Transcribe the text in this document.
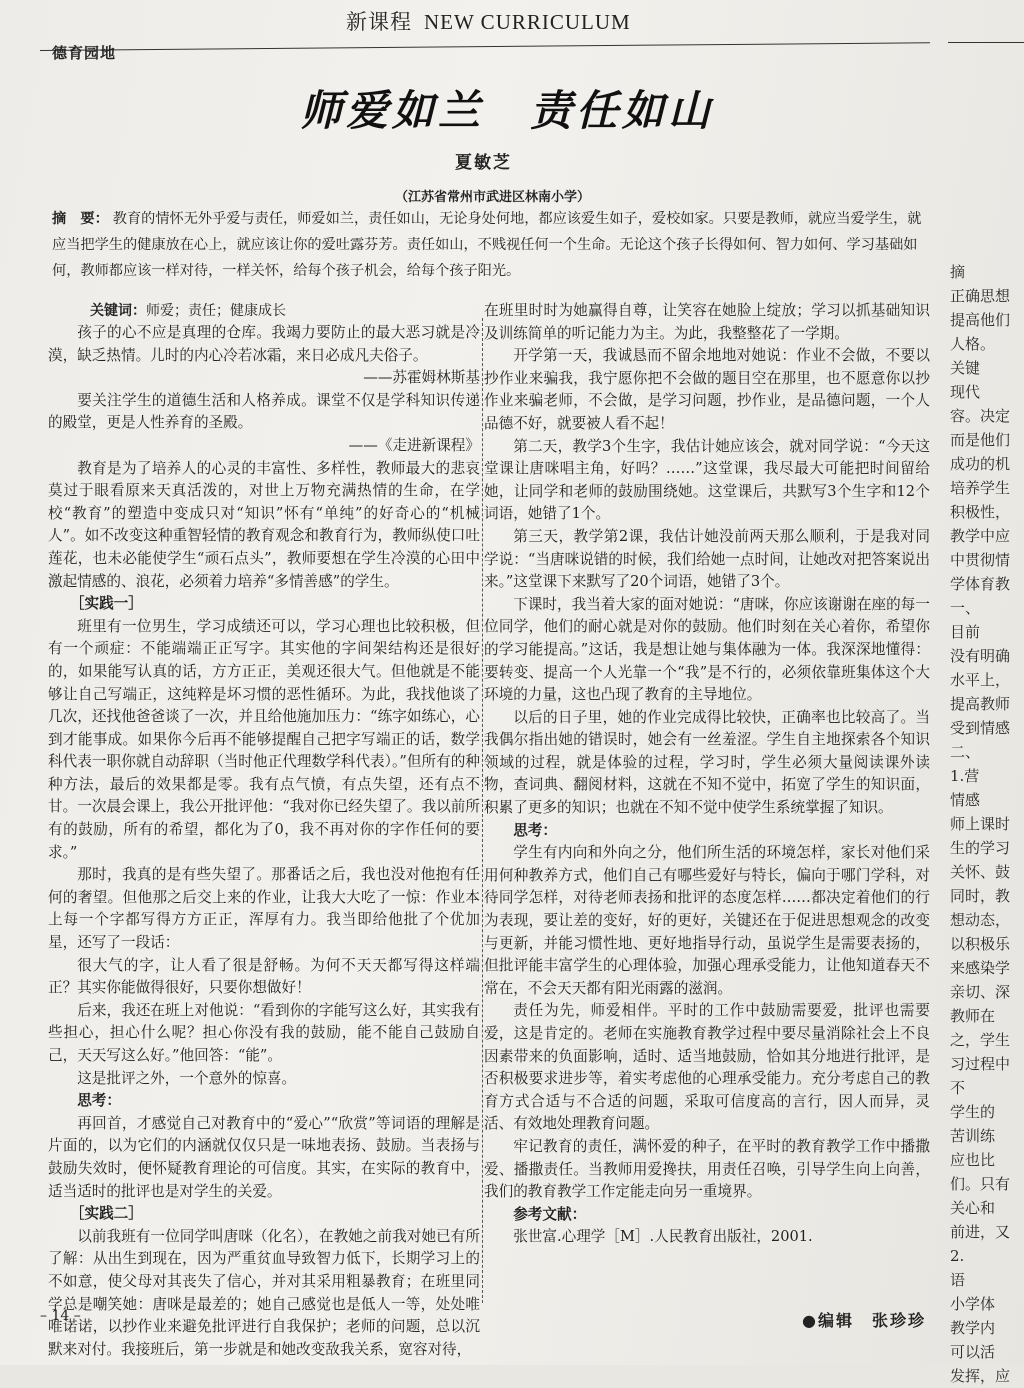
德育园地
新课程 NEW CURRICULUM
师爱如兰　责任如山
夏敏芝
（江苏省常州市武进区林南小学）
摘　要： 教育的情怀无外乎爱与责任，师爱如兰，责任如山，无论身处何地，都应该爱生如子，爱校如家。只要是教师，就应当爱学生，就应当把学生的健康放在心上，就应该让你的爱吐露芬芳。责任如山，不贱视任何一个生命。无论这个孩子长得如何、智力如何、学习基础如何，教师都应该一样对待，一样关怀，给每个孩子机会，给每个孩子阳光。
关键词：师爱；责任；健康成长

孩子的心不应是真理的仓库。我竭力要防止的最大恶习就是冷漠，缺乏热情。儿时的内心冷若冰霜，来日必成凡夫俗子。

——苏霍姆林斯基

要关注学生的道德生活和人格养成。课堂不仅是学科知识传递的殿堂，更是人性养育的圣殿。

——《走进新课程》

教育是为了培养人的心灵的丰富性、多样性，教师最大的悲哀莫过于眼看原来天真活泼的，对世上万物充满热情的生命，在学校“教育”的塑造中变成只对“知识”怀有“单纯”的好奇心的“机械人”。如不改变这种重智轻情的教育观念和教育行为，教师纵使口吐莲花，也未必能使学生“顽石点头”，教师要想在学生冷漠的心田中激起情感的、浪花，必须着力培养“多情善感”的学生。

［实践一］

班里有一位男生，学习成绩还可以，学习心理也比较积极，但有一个顽症：不能端端正正写字。其实他的字间架结构还是很好的，如果能写认真的话，方方正正，美观还很大气。但他就是不能够让自己写端正，这纯粹是坏习惯的恶性循环。为此，我找他谈了几次，还找他爸爸谈了一次，并且给他施加压力：“练字如练心，心到才能事成。如果你今后再不能够提醒自己把字写端正的话，数学科代表一职你就自动辞职（当时他正代理数学科代表）。”但所有的种种方法，最后的效果都是零。我有点气愤，有点失望，还有点不甘。一次晨会课上，我公开批评他：“我对你已经失望了。我以前所有的鼓励，所有的希望，都化为了0，我不再对你的字作任何的要求。”

那时，我真的是有些失望了。那番话之后，我也没对他抱有任何的奢望。但他那之后交上来的作业，让我大大吃了一惊：作业本上每一个字都写得方方正正，浑厚有力。我当即给他批了个优加星，还写了一段话：

很大气的字，让人看了很是舒畅。为何不天天都写得这样端正？其实你能做得很好，只要你想做好！

后来，我还在班上对他说：“看到你的字能写这么好，其实我有些担心，担心什么呢？担心你没有我的鼓励，能不能自己鼓励自己，天天写这么好。”他回答：“能”。

这是批评之外，一个意外的惊喜。

思考：

再回首，才感觉自己对教育中的“爱心”“欣赏”等词语的理解是片面的，以为它们的内涵就仅仅只是一味地表扬、鼓励。当表扬与鼓励失效时，便怀疑教育理论的可信度。其实，在实际的教育中，适当适时的批评也是对学生的关爱。

［实践二］

以前我班有一位同学叫唐咪（化名），在教她之前我对她已有所了解：从出生到现在，因为严重贫血导致智力低下，长期学习上的不如意，使父母对其丧失了信心，并对其采用粗暴教育；在班里同学总是嘲笑她：唐咪是最差的；她自己感觉也是低人一等，处处唯唯诺诺，以抄作业来避免批评进行自我保护；老师的问题，总以沉默来对付。我接班后，第一步就是和她改变敌我关系，宽容对待，

在班里时时为她赢得自尊，让笑容在她脸上绽放；学习以抓基础知识及训练简单的听记能力为主。为此，我整整花了一学期。

开学第一天，我诚恳而不留余地地对她说：作业不会做，不要以抄作业来骗我，我宁愿你把不会做的题目空在那里，也不愿意你以抄作业来骗老师，不会做，是学习问题，抄作业，是品德问题，一个人品德不好，就要被人看不起！

第二天，教学3个生字，我估计她应该会，就对同学说：“今天这堂课让唐咪唱主角，好吗？……”这堂课，我尽最大可能把时间留给她，让同学和老师的鼓励围绕她。这堂课后，共默写3个生字和12个词语，她错了1个。

第三天，教学第2课，我估计她没前两天那么顺利，于是我对同学说：“当唐咪说错的时候，我们给她一点时间，让她改对把答案说出来。”这堂课下来默写了20个词语，她错了3个。

下课时，我当着大家的面对她说：“唐咪，你应该谢谢在座的每一位同学，他们的耐心就是对你的鼓励。他们时刻在关心着你，希望你的学习能提高。”这话，我是想让她与集体融为一体。我深深地懂得：要转变、提高一个人光靠一个“我”是不行的，必须依靠班集体这个大环境的力量，这也凸现了教育的主导地位。

以后的日子里，她的作业完成得比较快，正确率也比较高了。当我偶尔指出她的错误时，她会有一丝羞涩。学生自主地探索各个知识领域的过程，就是体验的过程，学习时，学生必须大量阅读课外读物，查词典、翻阅材料，这就在不知不觉中，拓宽了学生的知识面，积累了更多的知识；也就在不知不觉中使学生系统掌握了知识。

思考：

学生有内向和外向之分，他们所生活的环境怎样，家长对他们采用何种教养方式，他们自己有哪些爱好与特长，偏向于哪门学科，对待同学怎样，对待老师表扬和批评的态度怎样……都决定着他们的行为表现，要让差的变好，好的更好，关键还在于促进思想观念的改变与更新，并能习惯性地、更好地指导行动，虽说学生是需要表扬的，但批评能丰富学生的心理体验，加强心理承受能力，让他知道春天不常在，不会天天都有阳光雨露的滋润。

责任为先，师爱相伴。平时的工作中鼓励需要爱，批评也需要爱，这是肯定的。老师在实施教育教学过程中要尽量消除社会上不良因素带来的负面影响，适时、适当地鼓励，恰如其分地进行批评，是否积极要求进步等，着实考虑他的心理承受能力。充分考虑自己的教育方式合适与不合适的问题，采取可信度高的言行，因人而异，灵活、有效地处理教育问题。

牢记教育的责任，满怀爱的种子，在平时的教育教学工作中播撒爱、播撒责任。当教师用爱搀扶，用责任召唤，引导学生向上向善，我们的教育教学工作定能走向另一重境界。

参考文献：

张世富.心理学［M］.人民教育出版社，2001.

摘
正确思想
提高他们
人格。
关键
现代
容。决定
而是他们
成功的机
培养学生
积极性，
教学中应
中贯彻情
学体育教
一、
目前
没有明确
水平上，
提高教师
受到情感
二、
1.营
情感
师上课时
生的学习
关怀、鼓
同时，教
想动态，
以积极乐
来感染学
亲切、深
教师在
之，学生
习过程中
不
学生的
苦训练
应也比
们。只有
关心和
前进，又
2.
语
小学体
教学内
可以活
发挥，应
– 14 –	●编辑　张珍珍
